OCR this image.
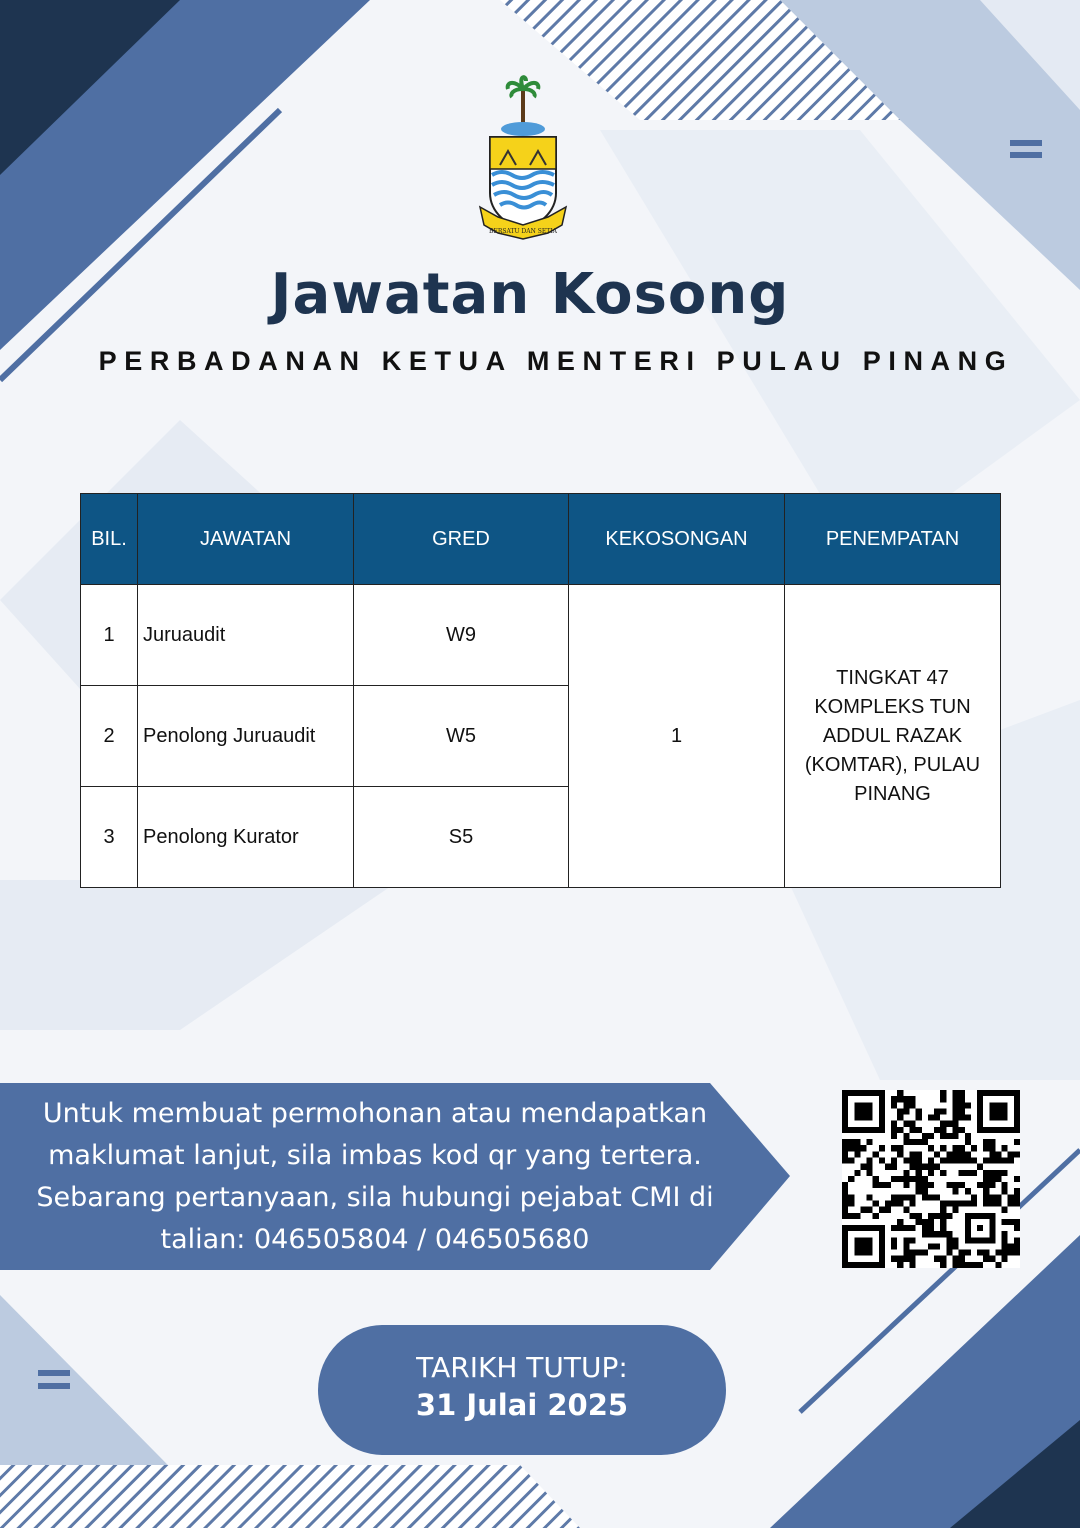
BERSATU DAN SETIA
Jawatan Kosong
PERBADANAN KETUA MENTERI PULAU PINANG
BIL.	JAWATAN	GRED	KEKOSONGAN	PENEMPATAN
1	Juruaudit	W9	1	TINGKAT 47
KOMPLEKS TUN
ADDUL RAZAK
(KOMTAR), PULAU
PINANG

2	Penolong Juruaudit	W5		
3	Penolong Kurator	S5		
Untuk membuat permohonan atau mendapatkan
maklumat lanjut, sila imbas kod qr yang tertera.
Sebarang pertanyaan, sila hubungi pejabat CMI di
talian: 046505804 / 046505680
TARIKH TUTUP:
31 Julai 2025
